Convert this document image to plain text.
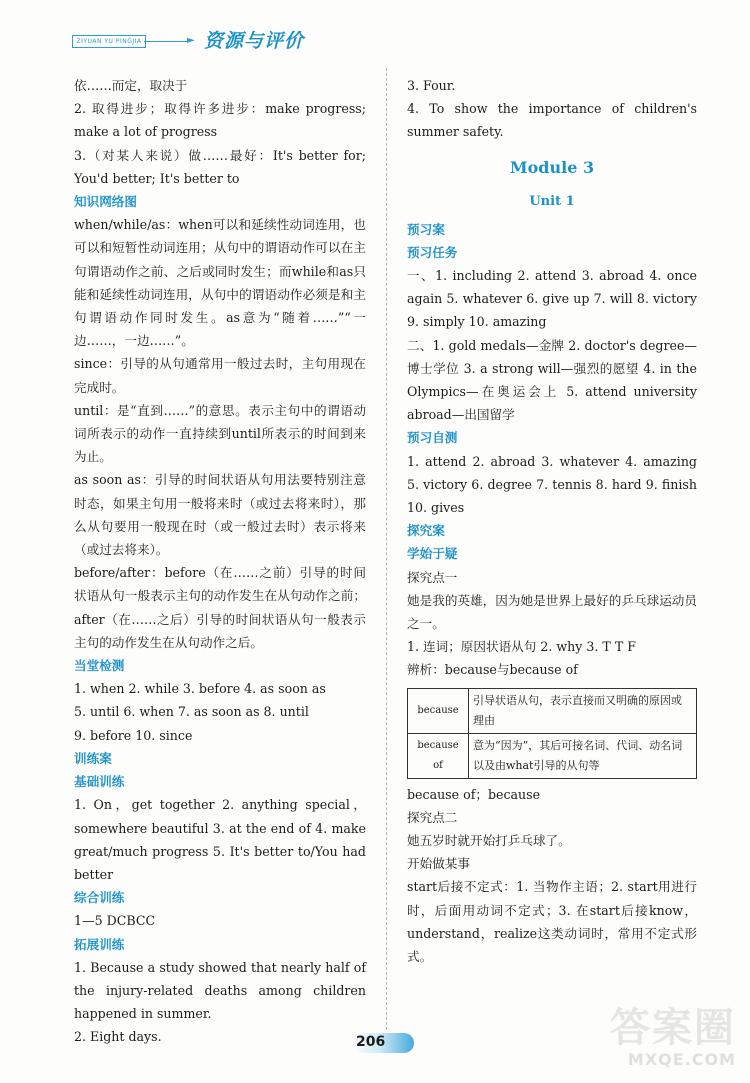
ZIYUAN YU PINGJIA	► 资源与评价

依……而定，取决于

2. 取得进步；取得许多进步：make progress; make a lot of progress

3.（对某人来说）做……最好：It's better for; You'd better; It's better to

知识网络图

when/while/as：when可以和延续性动词连用，也可以和短暂性动词连用；从句中的谓语动作可以在主句谓语动作之前、之后或同时发生；而while和as只能和延续性动词连用，从句中的谓语动作必须是和主句谓语动作同时发生。as意为“随着……”“一边……，一边……”。

since：引导的从句通常用一般过去时，主句用现在完成时。

until：是“直到……”的意思。表示主句中的谓语动词所表示的动作一直持续到until所表示的时间到来为止。

as soon as：引导的时间状语从句用法要特别注意时态，如果主句用一般将来时（或过去将来时），那么从句要用一般现在时（或一般过去时）表示将来（或过去将来）。

before/after：before（在……之前）引导的时间状语从句一般表示主句的动作发生在从句动作之前；after（在……之后）引导的时间状语从句一般表示主句的动作发生在从句动作之后。

当堂检测

1. when 2. while 3. before 4. as soon as

5. until 6. when 7. as soon as 8. until

9. before 10. since

训练案
基础训练

1. On，get together 2. anything special，somewhere beautiful 3. at the end of 4. make great/much progress 5. It's better to/You had better

综合训练

1—5 DCBCC

拓展训练

1. Because a study showed that nearly half of the injury-related deaths among children happened in summer.

2. Eight days.

3. Four.

4. To show the importance of children's summer safety.

Module 3
Unit 1
预习案
预习任务

一、1. including 2. attend 3. abroad 4. once again 5. whatever 6. give up 7. will 8. victory 9. simply 10. amazing

二、1. gold medals—金牌 2. doctor's degree—博士学位 3. a strong will—强烈的愿望 4. in the Olympics—在奥运会上 5. attend university abroad—出国留学

预习自测

1. attend 2. abroad 3. whatever 4. amazing 5. victory 6. degree 7. tennis 8. hard 9. finish 10. gives

探究案
学始于疑

探究点一

她是我的英雄，因为她是世界上最好的乒乓球运动员之一。

1. 连词；原因状语从句 2. why 3. T T F

辨析：because与because of

because	引导状语从句，表示直接而又明确的原因或理由
because of	意为“因为”，其后可接名词、代词、动名词以及由what引导的从句等

because of；because

探究点二

她五岁时就开始打乒乓球了。

开始做某事

start后接不定式：1. 当物作主语；2. start用进行时，后面用动词不定式；3. 在start后接know，understand，realize这类动词时，常用不定式形式。

206	答案圈
MXQE.COM
